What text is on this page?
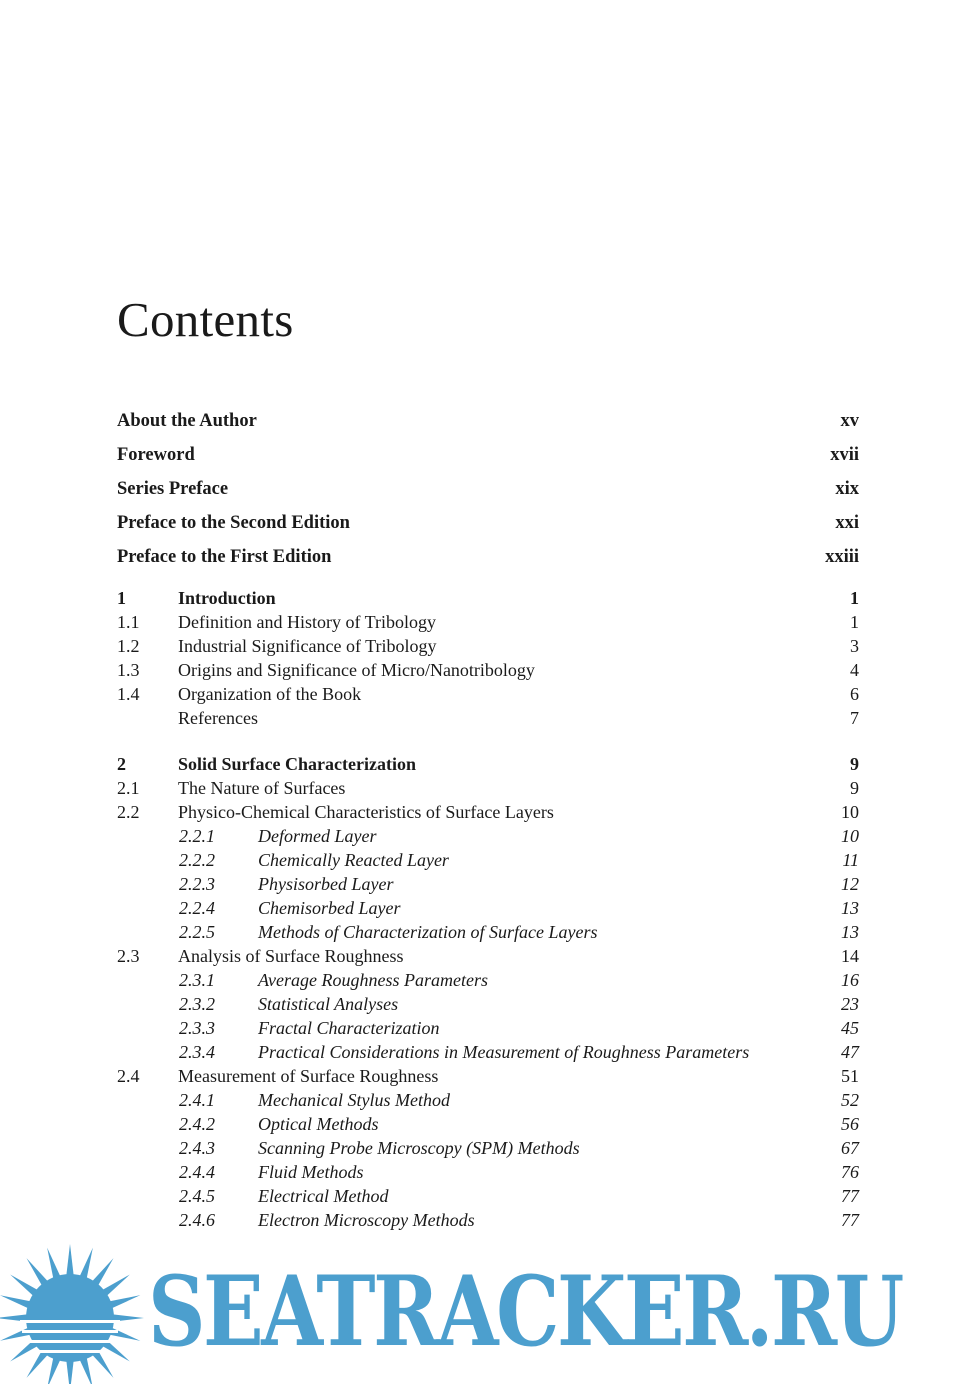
Contents
About the Author	xv
Foreword	xvii
Series Preface	xix
Preface to the Second Edition	xxi
Preface to the First Edition	xxiii
1	Introduction	1
1.1 Definition and History of Tribology	1
1.2 Industrial Significance of Tribology	3
1.3 Origins and Significance of Micro/Nanotribology	4
1.4 Organization of the Book	6
References	7
2	Solid Surface Characterization	9
2.1 The Nature of Surfaces	9
2.2 Physico-Chemical Characteristics of Surface Layers	10
2.2.1 Deformed Layer	10
2.2.2 Chemically Reacted Layer	11
2.2.3 Physisorbed Layer	12
2.2.4 Chemisorbed Layer	13
2.2.5 Methods of Characterization of Surface Layers	13
2.3 Analysis of Surface Roughness	14
2.3.1 Average Roughness Parameters	16
2.3.2 Statistical Analyses	23
2.3.3 Fractal Characterization	45
2.3.4 Practical Considerations in Measurement of Roughness Parameters	47
2.4 Measurement of Surface Roughness	51
2.4.1 Mechanical Stylus Method	52
2.4.2 Optical Methods	56
2.4.3 Scanning Probe Microscopy (SPM) Methods	67
2.4.4 Fluid Methods	76
2.4.5 Electrical Method	77
2.4.6 Electron Microscopy Methods	77
SEATRACKER.RU
